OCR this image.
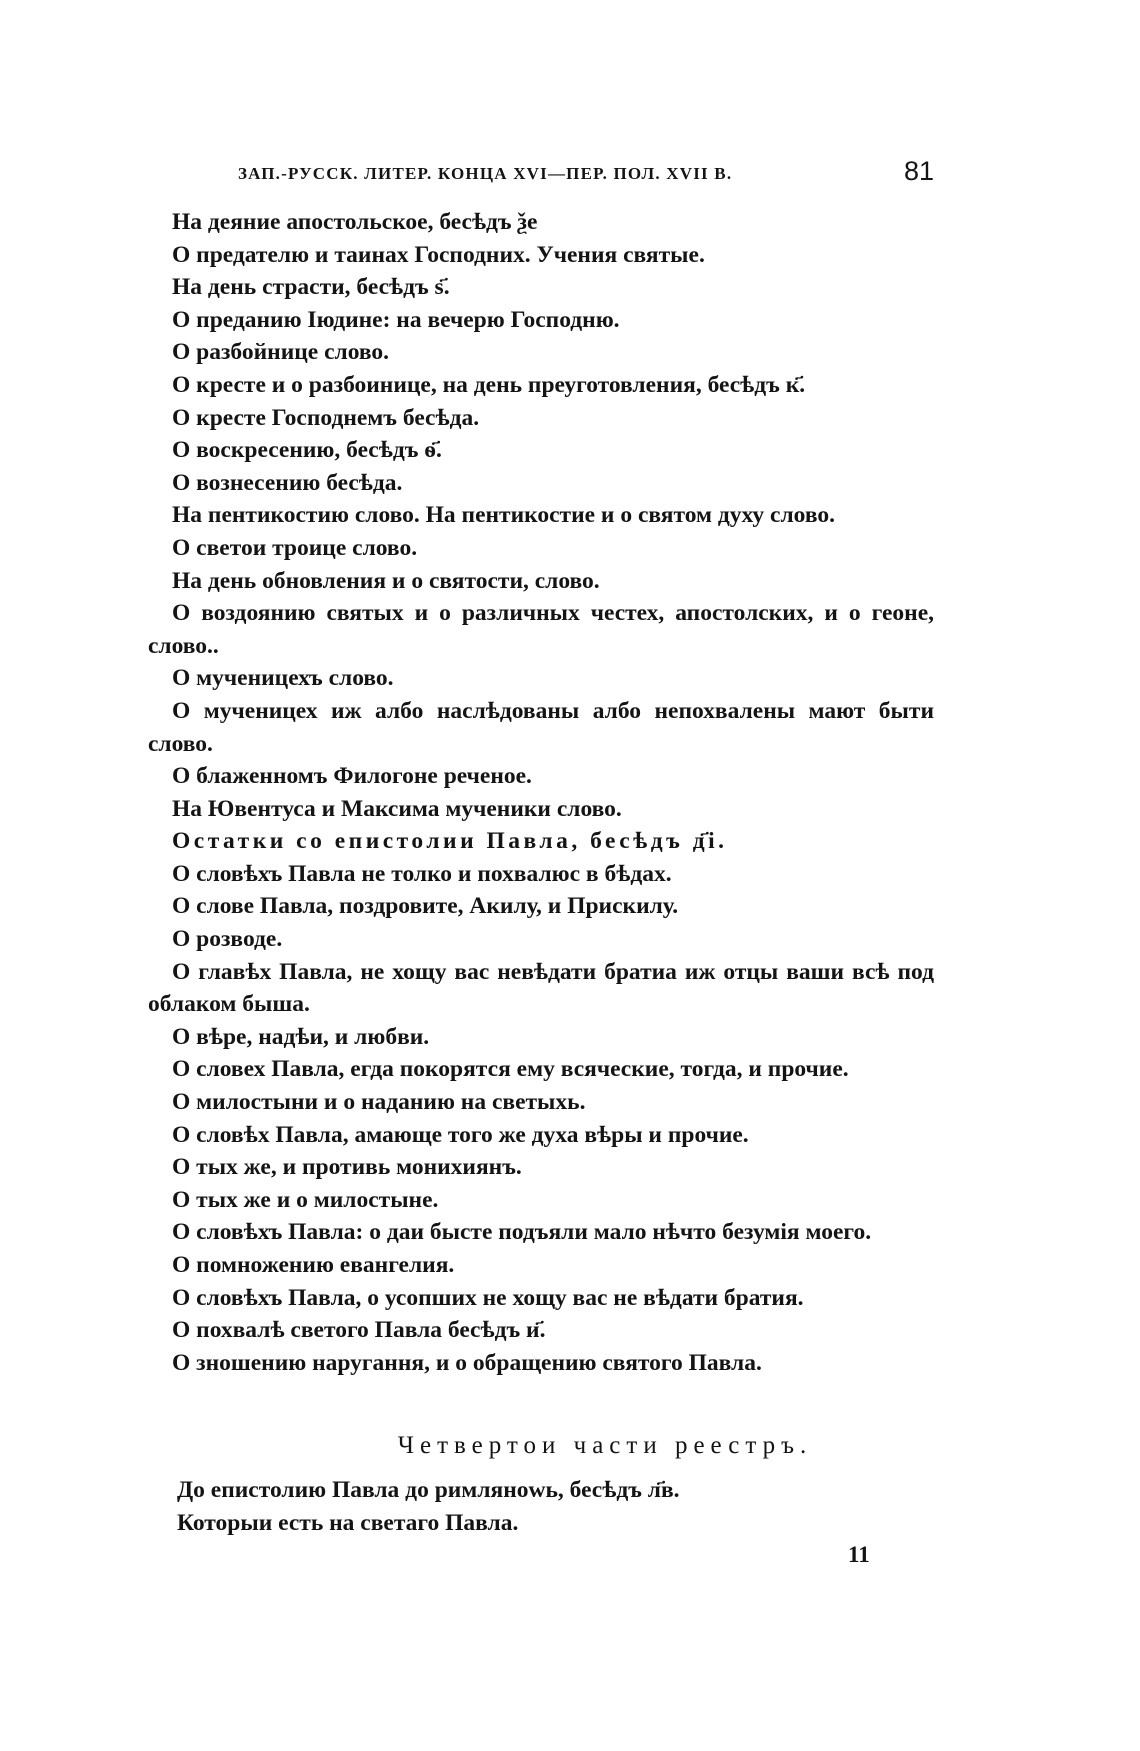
ЗАП.-РУССК. ЛИТЕР. КОНЦА XVI—ПЕР. ПОЛ. XVII В.	81
На деяние апостольское, бесѣдъ ѯе
О предателю и таинах Господних. Учения святые.
На день страсти, бесѣдъ ѕ҃.
О преданию Іюдине: на вечерю Господню.
О разбойнице слово.
О кресте и о разбоинице, на день преуготовления, бесѣдъ к҃.
О кресте Господнемъ бесѣда.
О воскресению, бесѣдъ ѳ҃.
О вознесению бесѣда.
На пентикостию слово. На пентикостие и о святом духу слово.
О светои троице слово.
На день обновления и о святости, слово.
О воздоянию святых и о различных честех, апостолских, и о геоне, слово..
О мученицехъ слово.
О мученицех иж албо наслѣдованы албо непохвалены мают быти слово.
О блаженномъ Филогоне реченое.
На Ювентуса и Максима мученики слово.
Остатки со епистолии Павла, бесѣдъ д҃і.
О словѣхъ Павла не толко и похвалюс в бѣдах.
О слове Павла, поздровите, Акилу, и Прискилу.
О розводе.
О главѣх Павла, не хощу вас невѣдати братиа иж отцы ваши всѣ под облаком быша.
О вѣре, надѣи, и любви.
О словех Павла, егда покорятся ему всяческие, тогда, и прочие.
О милостыни и о наданию на светыхь.
О словѣх Павла, амающе того же духа вѣры и прочие.
О тых же, и противь монихиянъ.
О тых же и о милостыне.
О словѣхъ Павла: о даи бысте подъяли мало нѣчто безумія моего.
О помножению евангелия.
О словѣхъ Павла, о усопших не хощу вас не вѣдати братия.
О похвалѣ светого Павла бесѣдъ и҃.
О зношению наругання, и о обращению святого Павла.
Четвертои части реестръ.
До епистолию Павла до римлянowь, бесѣдъ л҃в.
Которыи есть на светаго Павла.
11
